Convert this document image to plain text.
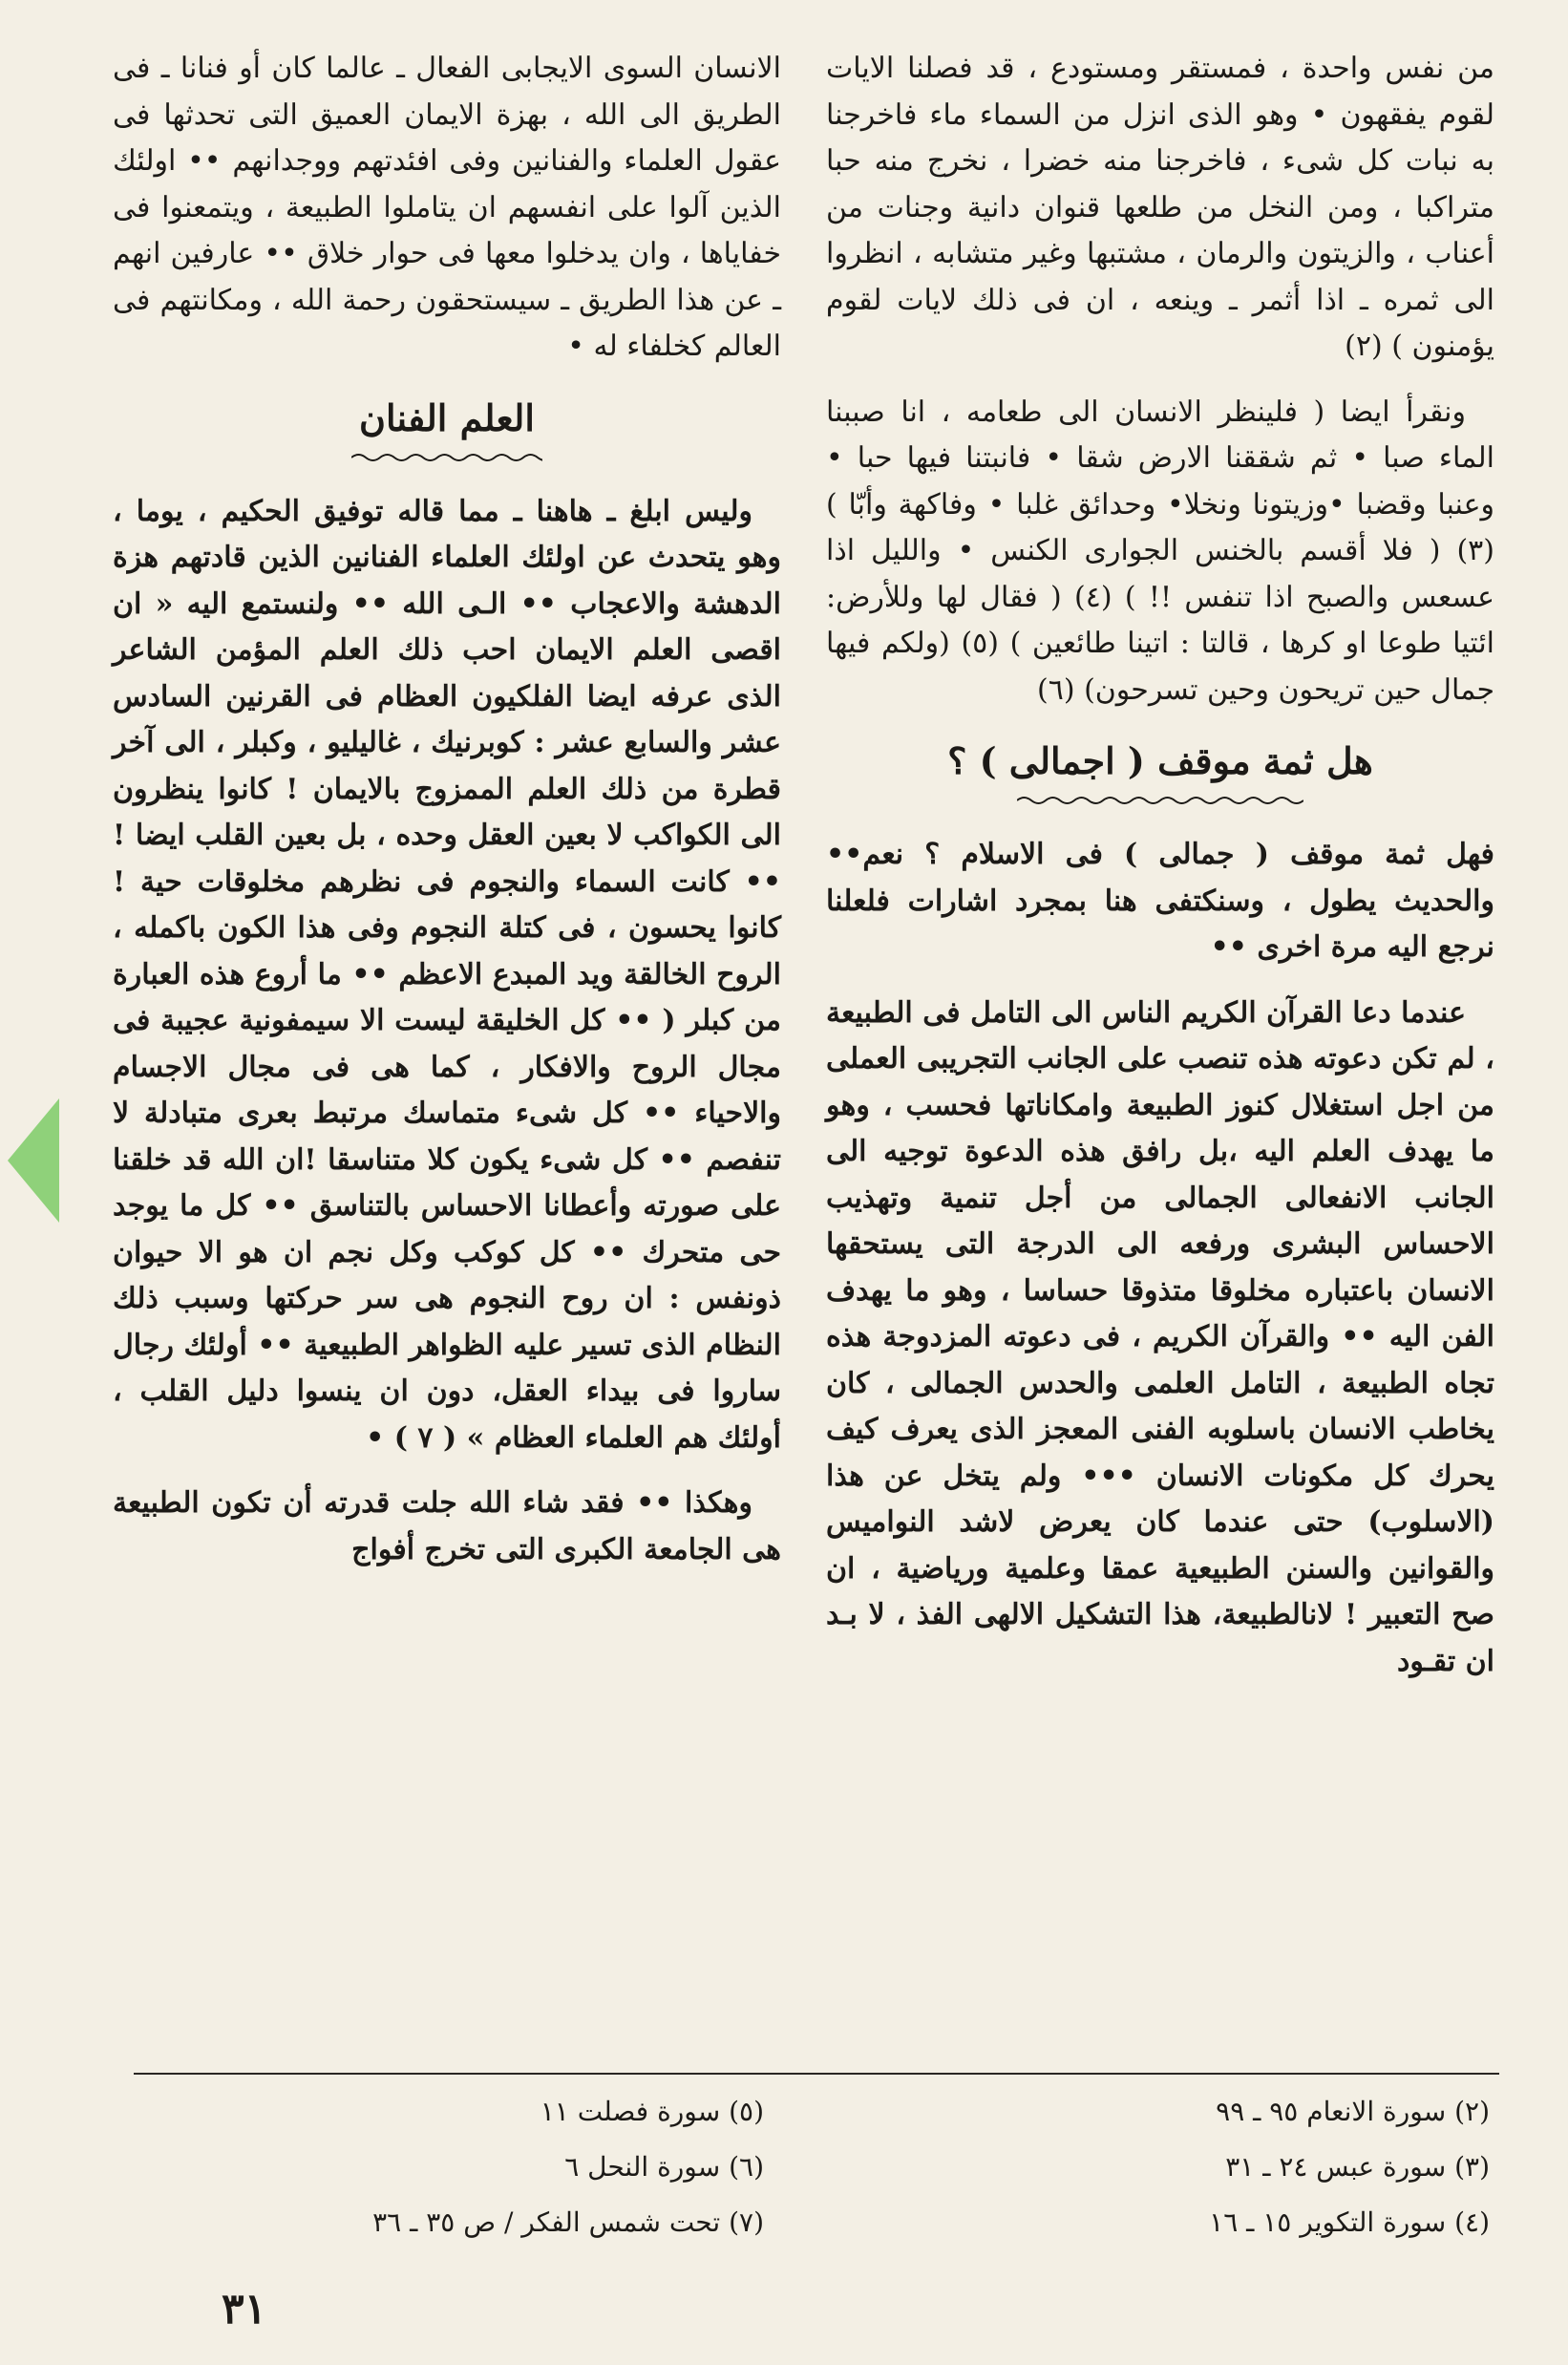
من نفس واحدة ، فمستقر ومستودع ، قد فصلنا الايات لقوم يفقهون • وهو الذى انزل من السماء ماء فاخرجنا به نبات كل شىء ، فاخرجنا منه خضرا ، نخرج منه حبا متراكبا ، ومن النخل من طلعها قنوان دانية وجنات من أعناب ، والزيتون والرمان ، مشتبها وغير متشابه ، انظروا الى ثمره ـ اذا أثمر ـ وينعه ، ان فى ذلك لايات لقوم يؤمنون ) (٢)

ونقرأ ايضا ( فلينظر الانسان الى طعامه ، انا صببنا الماء صبا • ثم شققنا الارض شقا • فانبتنا فيها حبا • وعنبا وقضبا •وزيتونا ونخلا• وحدائق غلبا • وفاكهة وأبّا ) (٣) ( فلا أقسم بالخنس الجوارى الكنس • والليل اذا عسعس والصبح اذا تنفس !! ) (٤) ( فقال لها وللأرض: ائتيا طوعا او كرها ، قالتا : اتينا طائعين ) (٥) (ولكم فيها جمال حين تريحون وحين تسرحون) (٦)

هل ثمة موقف ( اجمالى ) ؟

فهل ثمة موقف ( جمالى ) فى الاسلام ؟ نعم•• والحديث يطول ، وسنكتفى هنا بمجرد اشارات فلعلنا نرجع اليه مرة اخرى ••

عندما دعا القرآن الكريم الناس الى التامل فى الطبيعة ، لم تكن دعوته هذه تنصب على الجانب التجريبى العملى من اجل استغلال كنوز الطبيعة وامكاناتها فحسب ، وهو ما يهدف العلم اليه ،بل رافق هذه الدعوة توجيه الى الجانب الانفعالى الجمالى من أجل تنمية وتهذيب الاحساس البشرى ورفعه الى الدرجة التى يستحقها الانسان باعتباره مخلوقا متذوقا حساسا ، وهو ما يهدف الفن اليه •• والقرآن الكريم ، فى دعوته المزدوجة هذه تجاه الطبيعة ، التامل العلمى والحدس الجمالى ، كان يخاطب الانسان باسلوبه الفنى المعجز الذى يعرف كيف يحرك كل مكونات الانسان ••• ولم يتخل عن هذا (الاسلوب) حتى عندما كان يعرض لاشد النواميس والقوانين والسنن الطبيعية عمقا وعلمية ورياضية ، ان صح التعبير ! لانالطبيعة، هذا التشكيل الالهى الفذ ، لا بـد ان تقـود

الانسان السوى الايجابى الفعال ـ عالما كان أو فنانا ـ فى الطريق الى الله ، بهزة الايمان العميق التى تحدثها فى عقول العلماء والفنانين وفى افئدتهم ووجدانهم •• اولئك الذين آلوا على انفسهم ان يتاملوا الطبيعة ، ويتمعنوا فى خفاياها ، وان يدخلوا معها فى حوار خلاق •• عارفين انهم ـ عن هذا الطريق ـ سيستحقون رحمة الله ، ومكانتهم فى العالم كخلفاء له •

العلم الفنان

وليس ابلغ ـ هاهنا ـ مما قاله توفيق الحكيم ، يوما ، وهو يتحدث عن اولئك العلماء الفنانين الذين قادتهم هزة الدهشة والاعجاب •• الـى الله •• ولنستمع اليه « ان اقصى العلم الايمان احب ذلك العلم المؤمن الشاعر الذى عرفه ايضا الفلكيون العظام فى القرنين السادس عشر والسابع عشر : كوبرنيك ، غاليليو ، وكبلر ، الى آخر قطرة من ذلك العلم الممزوج بالايمان ! كانوا ينظرون الى الكواكب لا بعين العقل وحده ، بل بعين القلب ايضا ! •• كانت السماء والنجوم فى نظرهم مخلوقات حية ! كانوا يحسون ، فى كتلة النجوم وفى هذا الكون باكمله ، الروح الخالقة ويد المبدع الاعظم •• ما أروع هذه العبارة من كبلر ( •• كل الخليقة ليست الا سيمفونية عجيبة فى مجال الروح والافكار ، كما هى فى مجال الاجسام والاحياء •• كل شىء متماسك مرتبط بعرى متبادلة لا تنفصم •• كل شىء يكون كلا متناسقا !ان الله قد خلقنا على صورته وأعطانا الاحساس بالتناسق •• كل ما يوجد حى متحرك •• كل كوكب وكل نجم ان هو الا حيوان ذونفس : ان روح النجوم هى سر حركتها وسبب ذلك النظام الذى تسير عليه الظواهر الطبيعية •• أولئك رجال ساروا فى بيداء العقل، دون ان ينسوا دليل القلب ، أولئك هم العلماء العظام » ( ٧ ) •

وهكذا •• فقد شاء الله جلت قدرته أن تكون الطبيعة هى الجامعة الكبرى التى تخرج أفواج

(٢) سورة الانعام ٩٥ ـ ٩٩
(٣) سورة عبس ٢٤ ـ ٣١
(٤) سورة التكوير ١٥ ـ ١٦
(٥) سورة فصلت ١١
(٦) سورة النحل ٦
(٧) تحت شمس الفكر / ص ٣٥ ـ ٣٦
٣١
